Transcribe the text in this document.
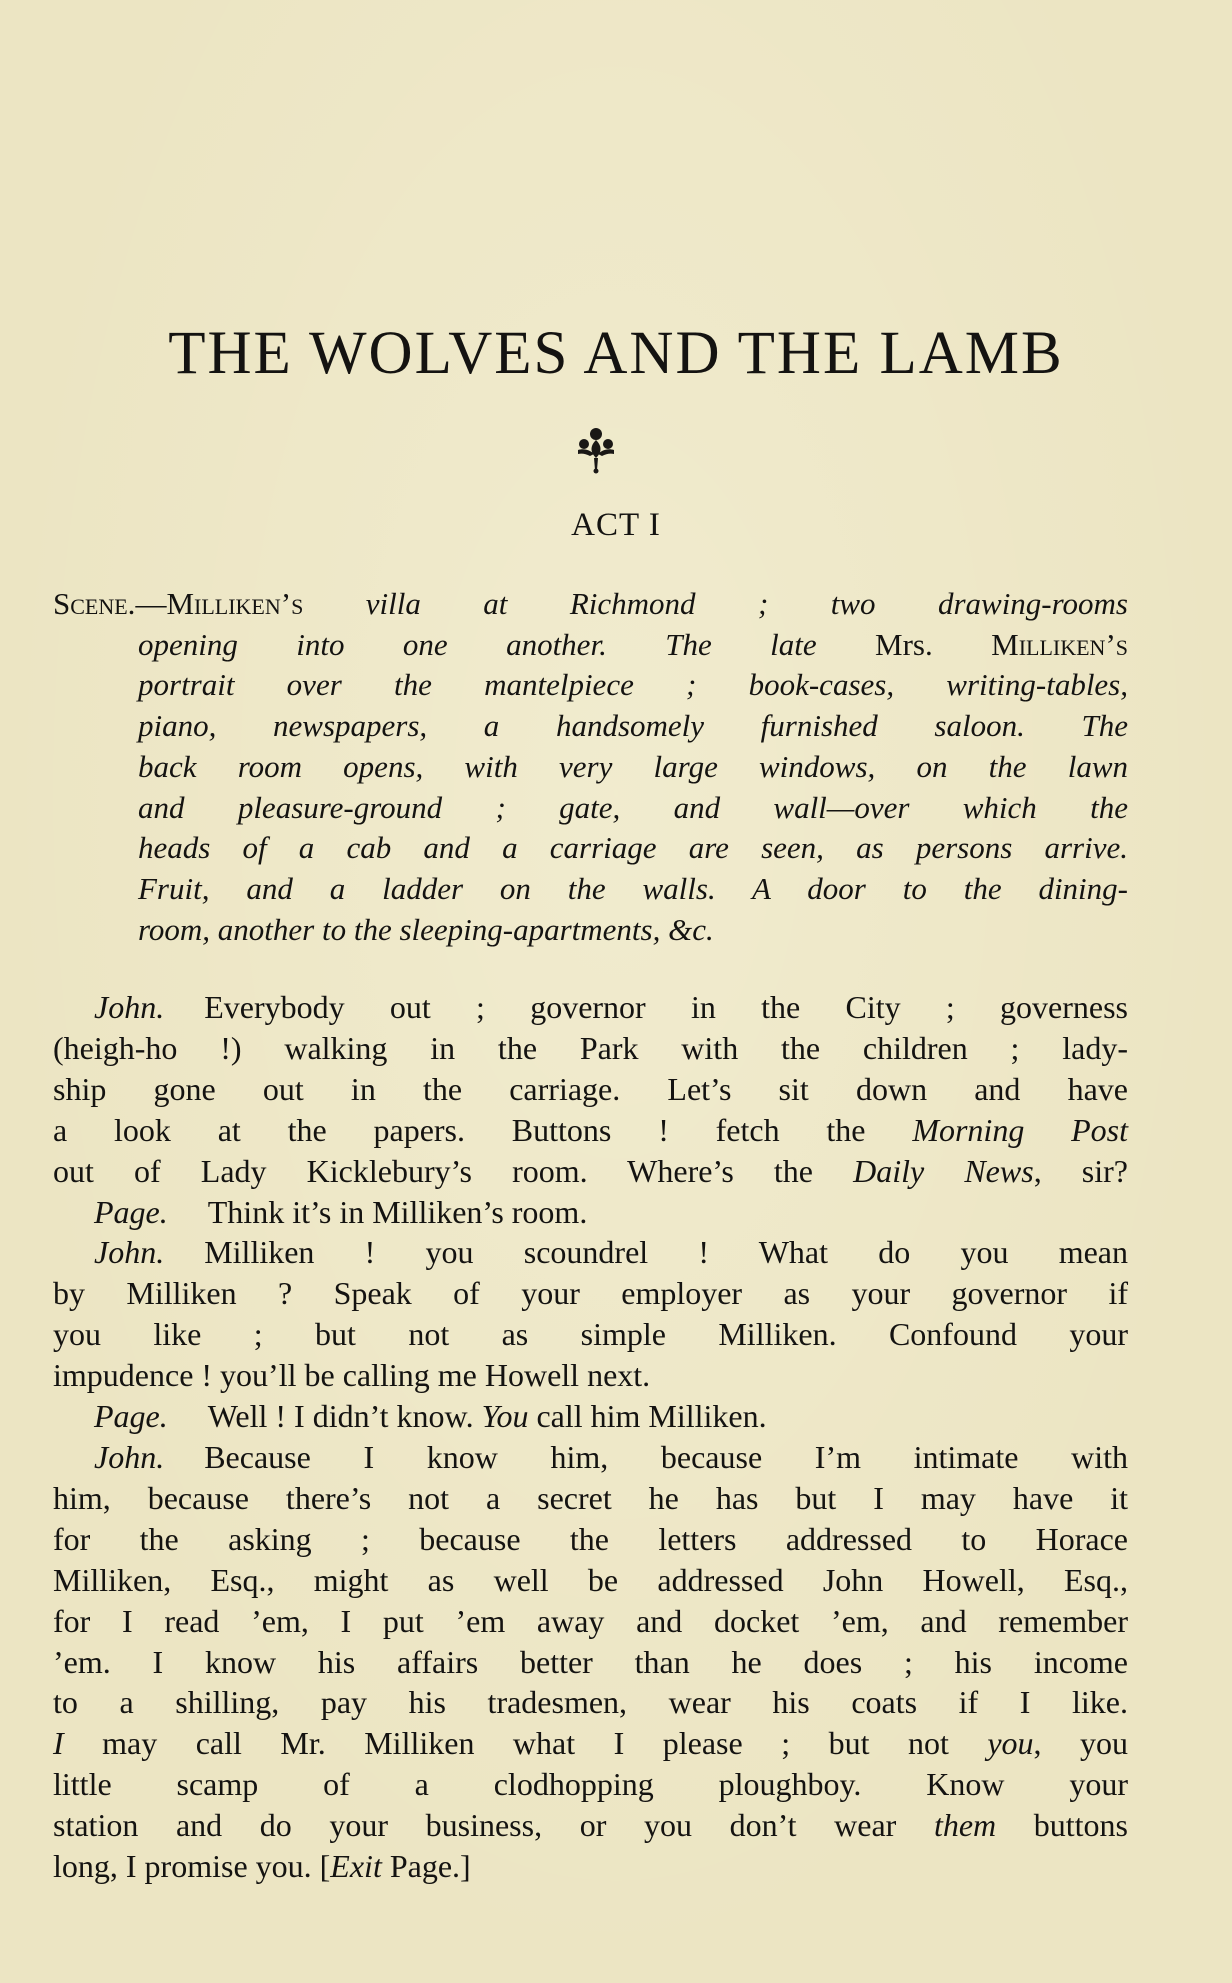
THE WOLVES AND THE LAMB
ACT I
Scene.—Milliken’s villa at Richmond ; two drawing-rooms
opening into one another. The late Mrs. Milliken’s
portrait over the mantelpiece ; book-cases, writing-tables,
piano, newspapers, a handsomely furnished saloon. The
back room opens, with very large windows, on the lawn
and pleasure-ground ; gate, and wall—over which the
heads of a cab and a carriage are seen, as persons arrive.
Fruit, and a ladder on the walls. A door to the dining-
room, another to the sleeping-apartments, &c.
John. Everybody out ; governor in the City ; governess
(heigh-ho !) walking in the Park with the children ; lady-
ship gone out in the carriage. Let’s sit down and have
a look at the papers. Buttons ! fetch the Morning Post
out of Lady Kicklebury’s room. Where’s the Daily News, sir?
Page. Think it’s in Milliken’s room.
John. Milliken ! you scoundrel ! What do you mean
by Milliken ? Speak of your employer as your governor if
you like ; but not as simple Milliken. Confound your
impudence ! you’ll be calling me Howell next.
Page. Well ! I didn’t know. You call him Milliken.
John. Because I know him, because I’m intimate with
him, because there’s not a secret he has but I may have it
for the asking ; because the letters addressed to Horace
Milliken, Esq., might as well be addressed John Howell, Esq.,
for I read ’em, I put ’em away and docket ’em, and remember
’em. I know his affairs better than he does ; his income
to a shilling, pay his tradesmen, wear his coats if I like.
I may call Mr. Milliken what I please ; but not you, you
little scamp of a clodhopping ploughboy. Know your
station and do your business, or you don’t wear them buttons
long, I promise you. [Exit Page.]
